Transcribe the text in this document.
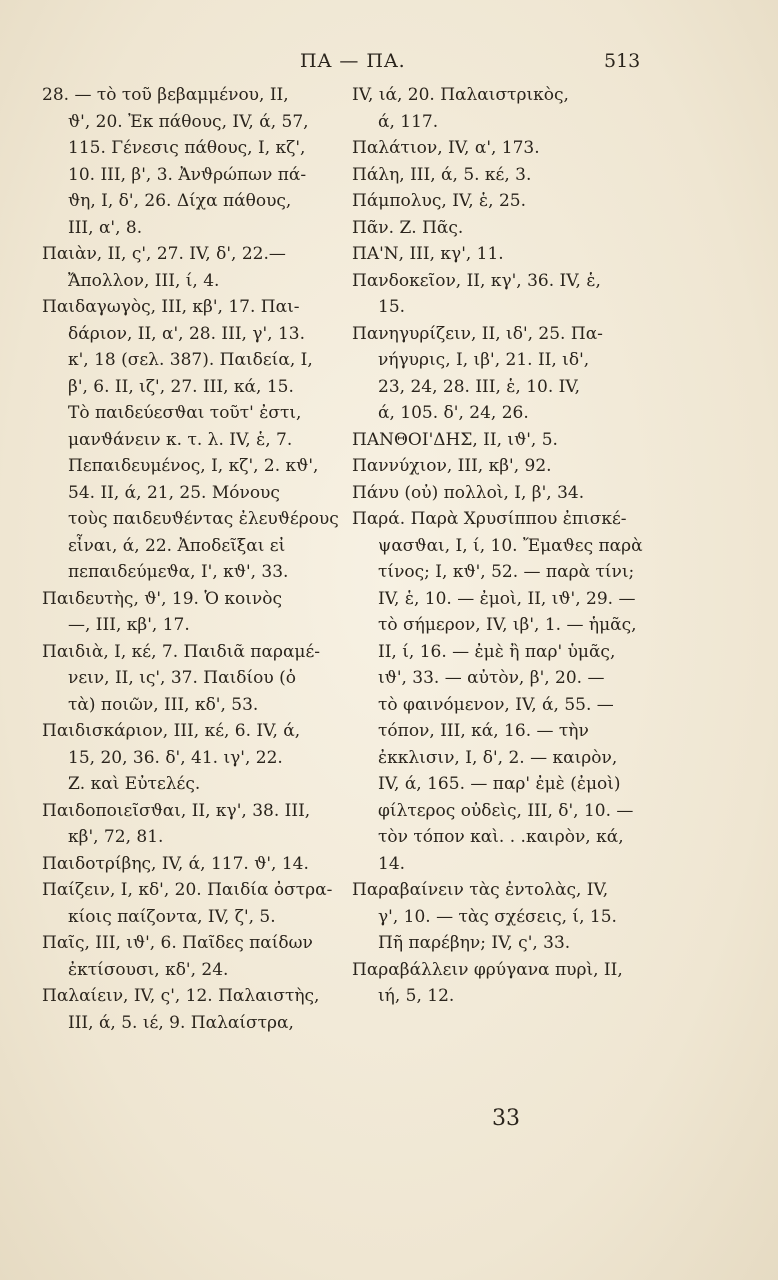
ΠΑ — ΠΑ.	513
28. — τὸ τοῦ βεβαμμένου, II,
ϑ', 20. Ἐκ πάθους, IV, ά, 57,
115. Γένεσις πάθους, I, κζ',
10. III, β', 3. Ἀνϑρώπων πά-
ϑη, I, δ', 26. Δίχα πάθους,
III, α', 8.
Παιὰν, II, ς', 27. IV, δ', 22.—
Ἄπολλον, III, ί, 4.
Παιδαγωγὸς, III, κβ', 17. Παι-
δάριον, II, α', 28. III, γ', 13.
κ', 18 (σελ. 387). Παιδεία, I,
β', 6. II, ιζ', 27. III, κά, 15.
Τὸ παιδεύεσϑαι τοῦτ' ἐστι,
μανϑάνειν κ. τ. λ. IV, ἑ, 7.
Πεπαιδευμένος, I, κζ', 2. κϑ',
54. II, ά, 21, 25. Μόνους
τοὺς παιδευϑέντας ἐλευϑέρους
εἶναι, ά, 22. Ἀποδεῖξαι εἰ
πεπαιδεύμεϑα, I', κϑ', 33.
Παιδευτὴς, ϑ', 19. Ὁ κοινὸς
—, III, κβ', 17.
Παιδιὰ, I, κέ, 7. Παιδιᾶ παραμέ-
νειν, II, ις', 37. Παιδίου (ὁ
τὰ) ποιῶν, III, κδ', 53.
Παιδισκάριον, III, κέ, 6. IV, ά,
15, 20, 36. δ', 41. ιγ', 22.
Ζ. καὶ Εὐτελές.
Παιδοποιεῖσϑαι, II, κγ', 38. III,
κβ', 72, 81.
Παιδοτρίβης, IV, ά, 117. ϑ', 14.
Παίζειν, I, κδ', 20. Παιδία ὀστρα-
κίοις παίζοντα, IV, ζ', 5.
Παῖς, III, ιϑ', 6. Παῖδες παίδων
ἐκτίσουσι, κδ', 24.
Παλαίειν, IV, ς', 12. Παλαιστὴς,
III, ά, 5. ιέ, 9. Παλαίστρα,
IV, ιά, 20. Παλαιστρικὸς,
ά, 117.
Παλάτιον, IV, α', 173.
Πάλη, III, ά, 5. κέ, 3.
Πάμπολυς, IV, ἑ, 25.
Πᾶν. Ζ. Πᾶς.
ΠΑ'Ν, III, κγ', 11.
Πανδοκεῖον, II, κγ', 36. IV, ἑ,
15.
Πανηγυρίζειν, II, ιδ', 25. Πα-
νήγυρις, I, ιβ', 21. II, ιδ',
23, 24, 28. III, ἑ, 10. IV,
ά, 105. δ', 24, 26.
ΠΑΝΘΟΙ'ΔΗΣ, II, ιϑ', 5.
Παννύχιον, III, κβ', 92.
Πάνυ (οὐ) πολλοὶ, I, β', 34.
Παρά. Παρὰ Χρυσίππου ἐπισκέ-
ψασϑαι, I, ί, 10. Ἔμαϑες παρὰ
τίνος; I, κϑ', 52. — παρὰ τίνι;
IV, ἑ, 10. — ἐμοὶ, II, ιϑ', 29. —
τὸ σήμερον, IV, ιβ', 1. — ἡμᾶς,
II, ί, 16. — ἐμὲ ἢ παρ' ὑμᾶς,
ιϑ', 33. — αὐτὸν, β', 20. —
τὸ φαινόμενον, IV, ά, 55. —
τόπον, III, κά, 16. — τὴν
ἐκκλισιν, I, δ', 2. — καιρὸν,
IV, ά, 165. — παρ' ἐμὲ (ἐμοὶ)
φίλτερος οὐδεὶς, III, δ', 10. —
τὸν τόπον καὶ. . .καιρὸν, κά,
14.
Παραβαίνειν τὰς ἐντολὰς, IV,
γ', 10. — τὰς σχέσεις, ί, 15.
Πῆ παρέβην; IV, ς', 33.
Παραβάλλειν φρύγανα πυρὶ, II,
ιή, 5, 12.
33
